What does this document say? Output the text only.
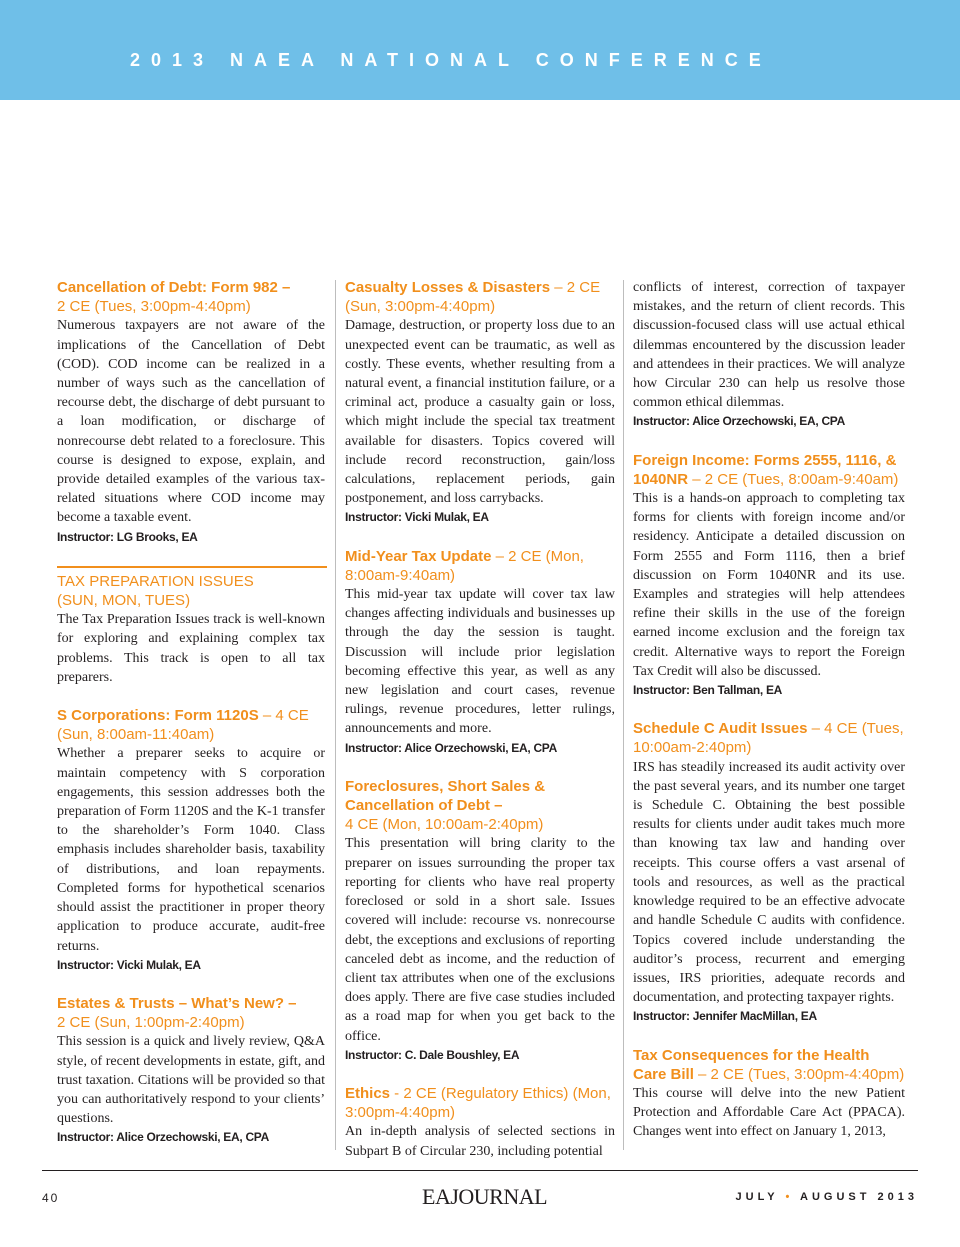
2013 NAEA NATIONAL CONFERENCE

Cancellation of Debt: Form 982 –
2 CE (Tues, 3:00pm-4:40pm)

Numerous taxpayers are not aware of the implications of the Cancellation of Debt (COD). COD income can be realized in a number of ways such as the cancellation of recourse debt, the discharge of debt pursuant to a loan modification, or discharge of nonrecourse debt related to a foreclosure. This course is designed to expose, explain, and provide detailed examples of the various tax-related situations where COD income may become a taxable event.

Instructor: LG Brooks, EA

TAX PREPARATION ISSUES

(SUN, MON, TUES)

The Tax Preparation Issues track is well-known for exploring and explaining complex tax problems. This track is open to all tax preparers.

S Corporations: Form 1120S – 4 CE (Sun, 8:00am-11:40am)

Whether a preparer seeks to acquire or maintain competency with S corporation engagements, this session addresses both the preparation of Form 1120S and the K-1 transfer to the shareholder’s Form 1040. Class emphasis includes shareholder basis, taxability of distributions, and loan repayments. Completed forms for hypothetical scenarios should assist the practitioner in proper theory application to produce accurate, audit-free returns.

Instructor: Vicki Mulak, EA

Estates & Trusts – What’s New? –
2 CE (Sun, 1:00pm-2:40pm)

This session is a quick and lively review, Q&A style, of recent developments in estate, gift, and trust taxation. Citations will be provided so that you can authoritatively respond to your clients’ questions.

Instructor: Alice Orzechowski, EA, CPA

Casualty Losses & Disasters – 2 CE (Sun, 3:00pm-4:40pm)

Damage, destruction, or property loss due to an unexpected event can be traumatic, as well as costly. These events, whether resulting from a natural event, a financial institution failure, or a criminal act, produce a casualty gain or loss, which might include the special tax treatment available for disasters. Topics covered will include record reconstruction, gain/loss calculations, replacement periods, gain postponement, and loss carrybacks.

Instructor: Vicki Mulak, EA

Mid-Year Tax Update – 2 CE (Mon, 8:00am-9:40am)

This mid-year tax update will cover tax law changes affecting individuals and businesses up through the day the session is taught. Discussion will include prior legislation becoming effective this year, as well as any new legislation and court cases, revenue rulings, revenue procedures, letter rulings, announcements and more.

Instructor: Alice Orzechowski, EA, CPA

Foreclosures, Short Sales & Cancellation of Debt –
4 CE (Mon, 10:00am-2:40pm)

This presentation will bring clarity to the preparer on issues surrounding the proper tax reporting for clients who have real property foreclosed or sold in a short sale. Issues covered will include: recourse vs. nonrecourse debt, the exceptions and exclusions of reporting canceled debt as income, and the reduction of client tax attributes when one of the exclusions does apply. There are five case studies included as a road map for when you get back to the office.

Instructor: C. Dale Boushley, EA

Ethics - 2 CE (Regulatory Ethics) (Mon, 3:00pm-4:40pm)

An in-depth analysis of selected sections in Subpart B of Circular 230, including potential

conflicts of interest, correction of taxpayer mistakes, and the return of client records. This discussion-focused class will use actual ethical dilemmas encountered by the discussion leader and attendees in their practices. We will analyze how Circular 230 can help us resolve those common ethical dilemmas.

Instructor: Alice Orzechowski, EA, CPA

Foreign Income: Forms 2555, 1116, & 1040NR – 2 CE (Tues, 8:00am-9:40am)

This is a hands-on approach to completing tax forms for clients with foreign income and/or residency. Anticipate a detailed discussion on Form 2555 and Form 1116, then a brief discussion on Form 1040NR and its use. Examples and strategies will help attendees refine their skills in the use of the foreign earned income exclusion and the foreign tax credit. Alternative ways to report the Foreign Tax Credit will also be discussed.

Instructor: Ben Tallman, EA

Schedule C Audit Issues – 4 CE (Tues, 10:00am-2:40pm)

IRS has steadily increased its audit activity over the past several years, and its number one target is Schedule C. Obtaining the best possible results for clients under audit takes much more than knowing tax law and handing over receipts. This course offers a vast arsenal of tools and resources, as well as the practical knowledge required to be an effective advocate and handle Schedule C audits with confidence. Topics covered include understanding the auditor’s process, recurrent and emerging issues, IRS priorities, adequate records and documentation, and protecting taxpayer rights.

Instructor: Jennifer MacMillan, EA

Tax Consequences for the Health Care Bill – 2 CE (Tues, 3:00pm-4:40pm)

This course will delve into the new Patient Protection and Affordable Care Act (PPACA). Changes went into effect on January 1, 2013,

40	EAJOURNAL	JULY • AUGUST 2013
